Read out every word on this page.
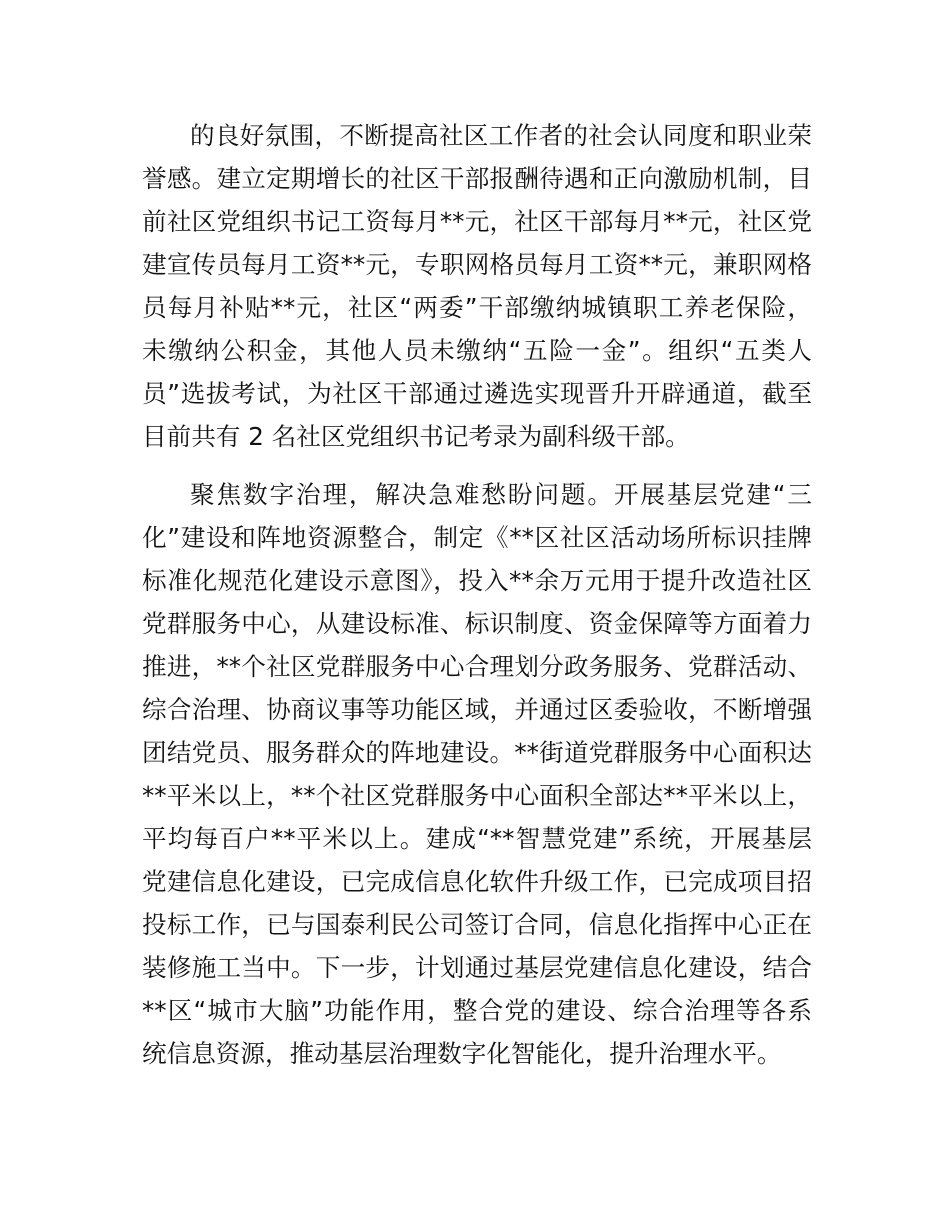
的良好氛围，不断提高社区工作者的社会认同度和职业荣
誉感。建立定期增长的社区干部报酬待遇和正向激励机制，目
前社区党组织书记工资每月**元，社区干部每月**元，社区党
建宣传员每月工资**元，专职网格员每月工资**元，兼职网格
员每月补贴**元，社区“两委”干部缴纳城镇职工养老保险，
未缴纳公积金，其他人员未缴纳“五险一金”。组织“五类人
员”选拔考试，为社区干部通过遴选实现晋升开辟通道，截至
目前共有 2 名社区党组织书记考录为副科级干部。

聚焦数字治理，解决急难愁盼问题。开展基层党建“三
化”建设和阵地资源整合，制定《**区社区活动场所标识挂牌
标准化规范化建设示意图》，投入**余万元用于提升改造社区
党群服务中心，从建设标准、标识制度、资金保障等方面着力
推进，**个社区党群服务中心合理划分政务服务、党群活动、
综合治理、协商议事等功能区域，并通过区委验收，不断增强
团结党员、服务群众的阵地建设。**街道党群服务中心面积达
**平米以上，**个社区党群服务中心面积全部达**平米以上，
平均每百户**平米以上。建成“**智慧党建”系统，开展基层
党建信息化建设，已完成信息化软件升级工作，已完成项目招
投标工作，已与国泰利民公司签订合同，信息化指挥中心正在
装修施工当中。下一步，计划通过基层党建信息化建设，结合
**区“城市大脑”功能作用，整合党的建设、综合治理等各系
统信息资源，推动基层治理数字化智能化，提升治理水平。
